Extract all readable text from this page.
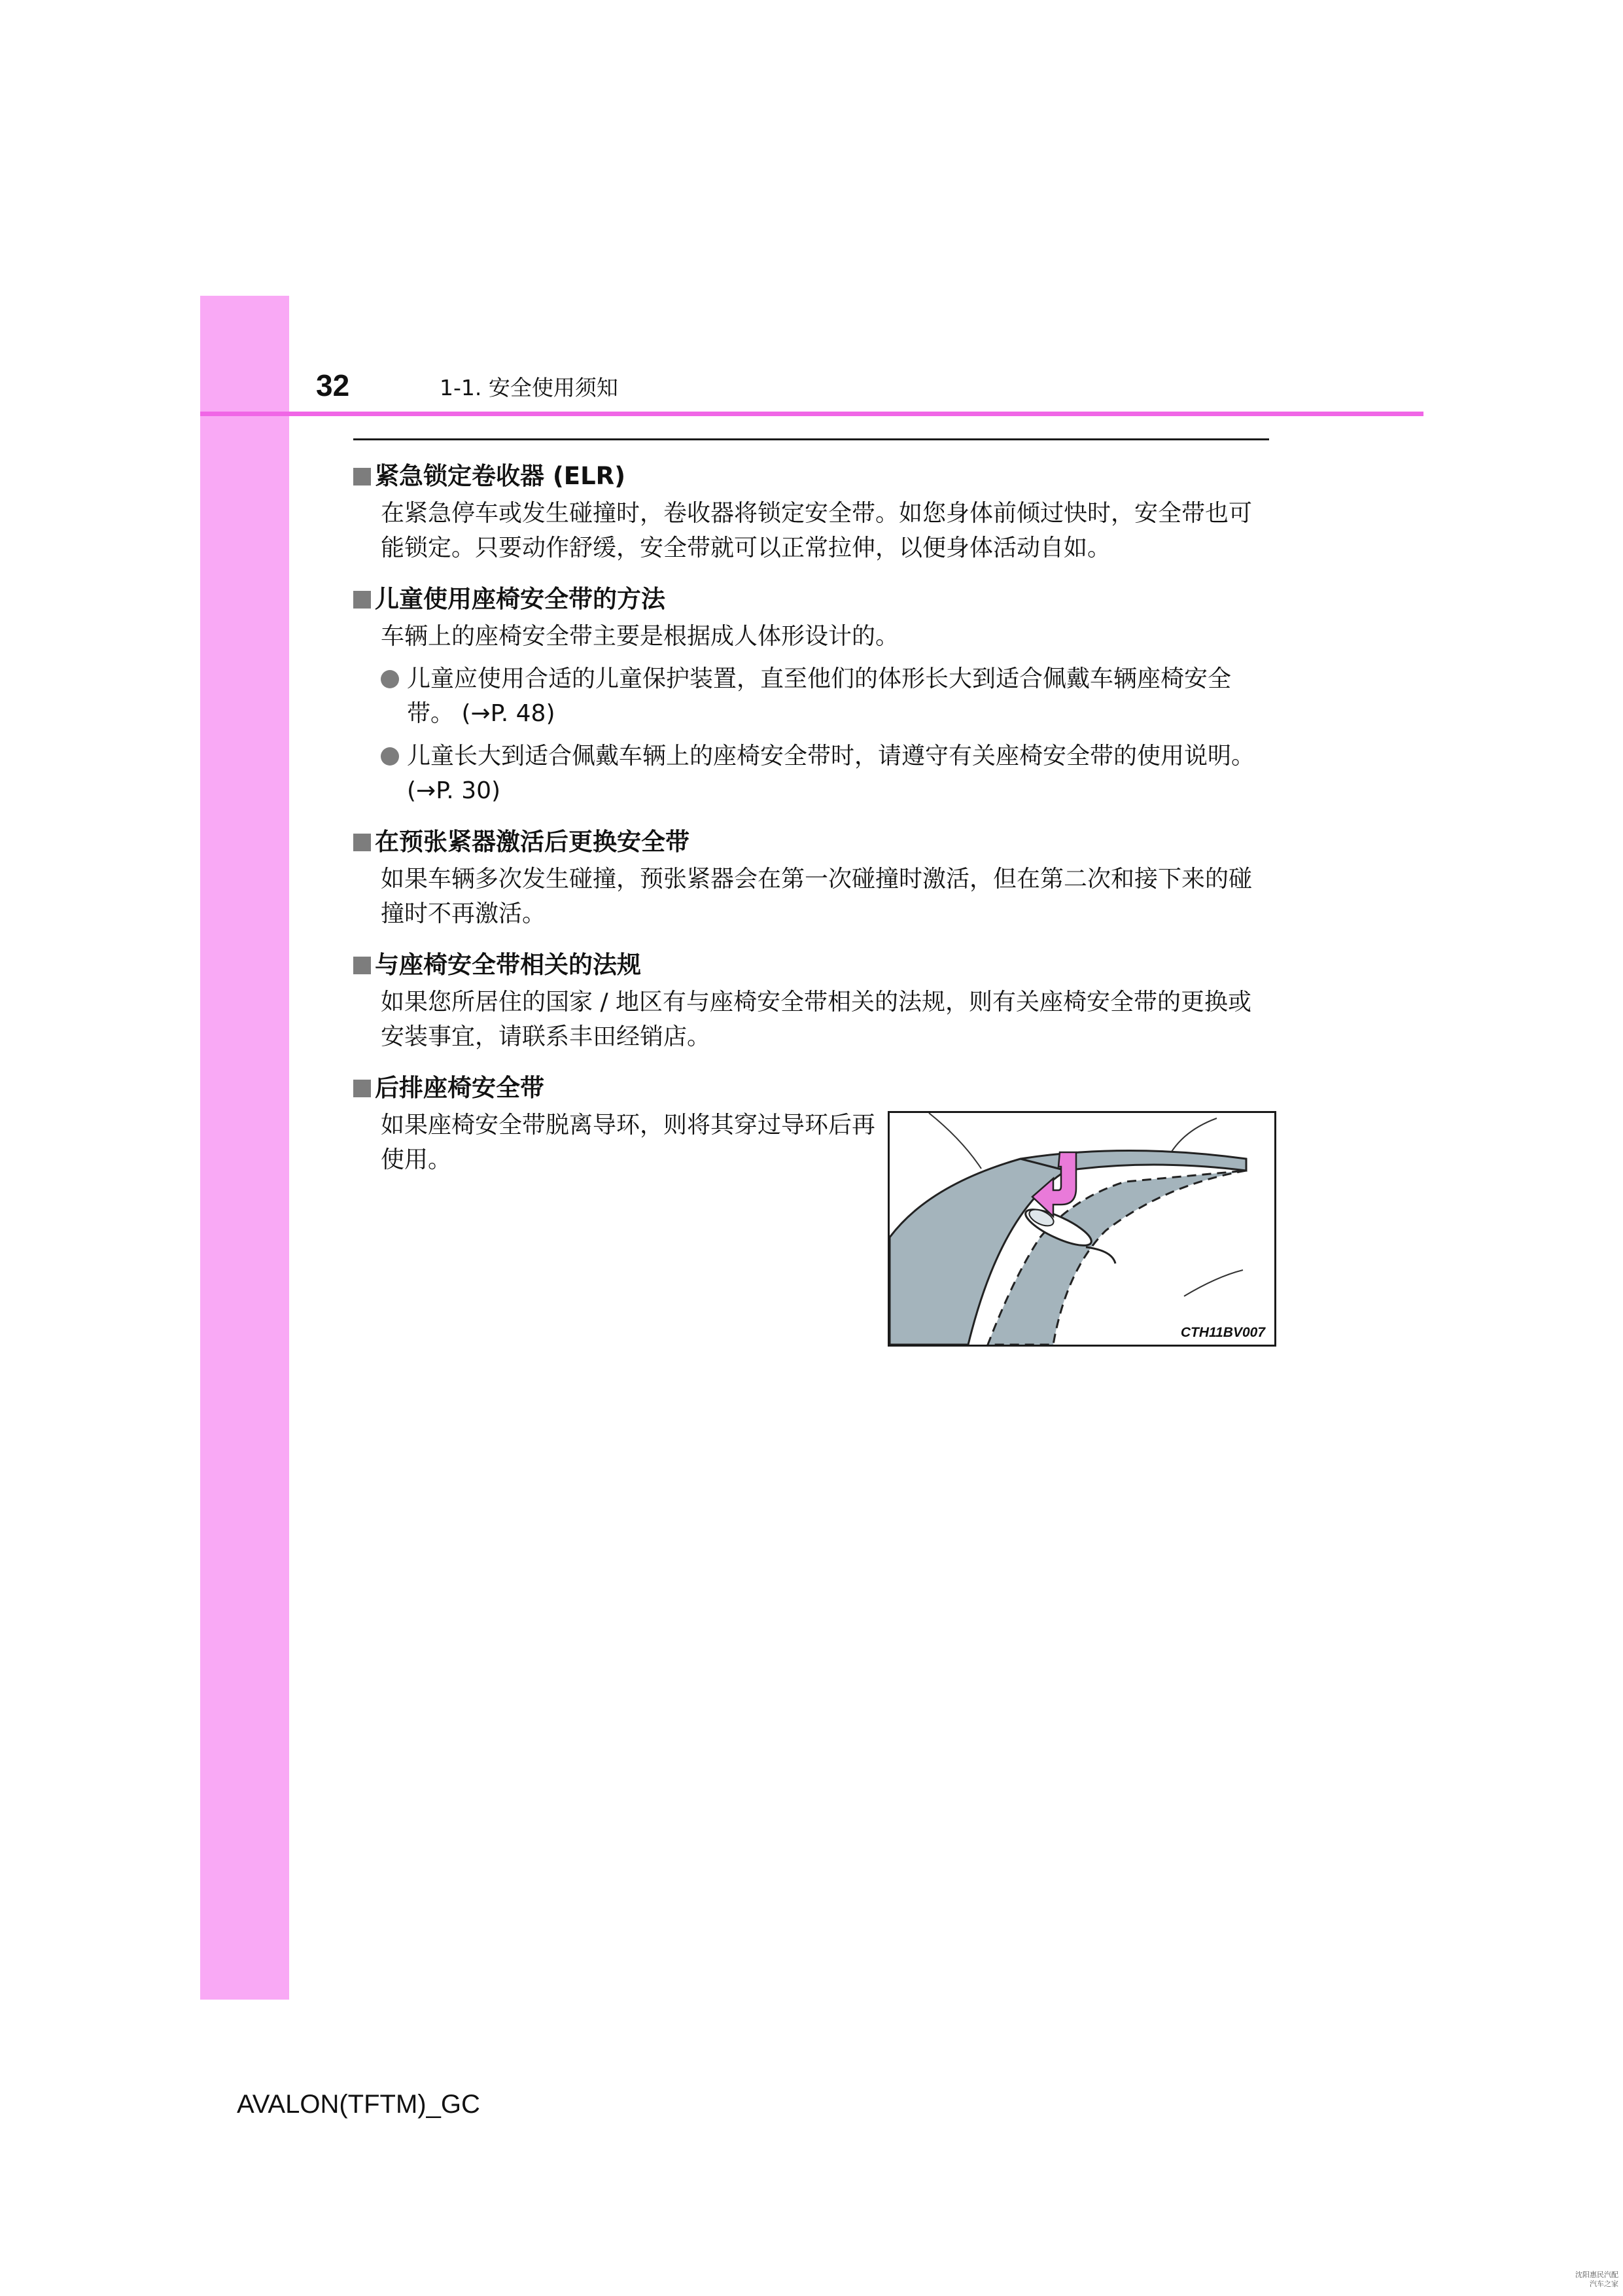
32	1-1. 安全使用须知
紧急锁定卷收器 (ELR)
在紧急停车或发生碰撞时，卷收器将锁定安全带。如您身体前倾过快时，安全带也可能锁定。只要动作舒缓，安全带就可以正常拉伸，以便身体活动自如。
儿童使用座椅安全带的方法
车辆上的座椅安全带主要是根据成人体形设计的。
儿童应使用合适的儿童保护装置，直至他们的体形长大到适合佩戴车辆座椅安全带。 (→P. 48)
儿童长大到适合佩戴车辆上的座椅安全带时，请遵守有关座椅安全带的使用说明。 (→P. 30)
在预张紧器激活后更换安全带
如果车辆多次发生碰撞，预张紧器会在第一次碰撞时激活，但在第二次和接下来的碰撞时不再激活。
与座椅安全带相关的法规
如果您所居住的国家 / 地区有与座椅安全带相关的法规，则有关座椅安全带的更换或安装事宜，请联系丰田经销店。
后排座椅安全带
如果座椅安全带脱离导环，则将其穿过导环后再使用。
CTH11BV007
AVALON(TFTM)_GC
沈阳惠民汽配
汽车之家
